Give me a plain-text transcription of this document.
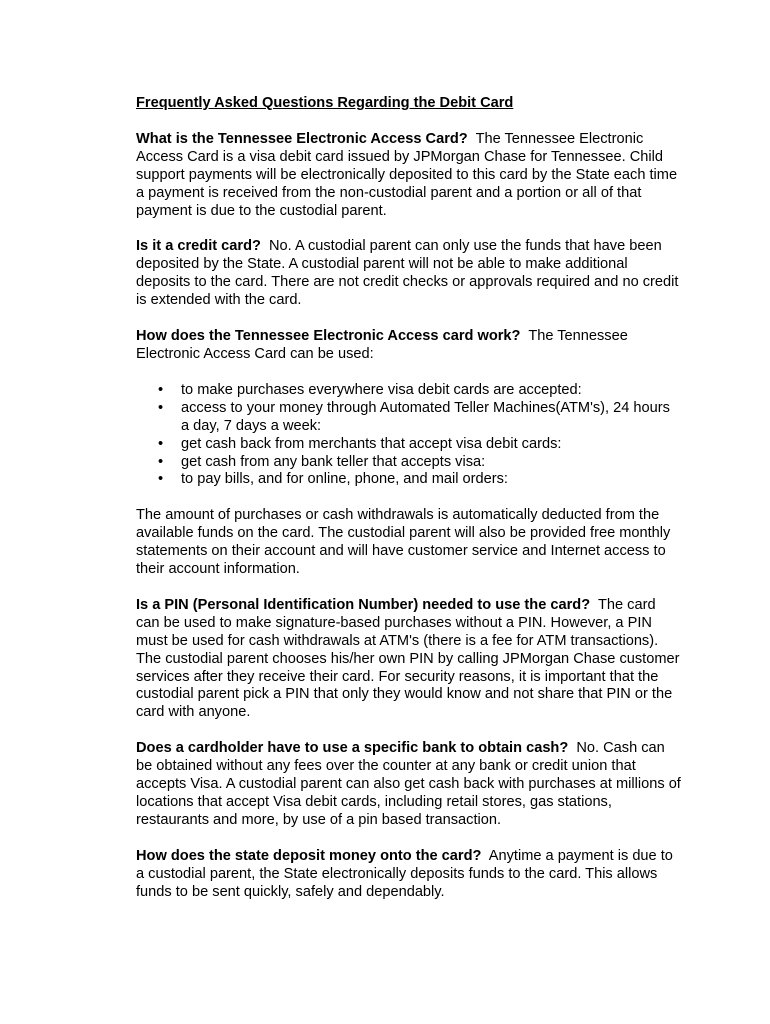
Frequently Asked Questions Regarding the Debit Card

What is the Tennessee Electronic Access Card? The Tennessee Electronic Access Card is a visa debit card issued by JPMorgan Chase for Tennessee. Child support payments will be electronically deposited to this card by the State each time a payment is received from the non-custodial parent and a portion or all of that payment is due to the custodial parent.

Is it a credit card? No. A custodial parent can only use the funds that have been deposited by the State. A custodial parent will not be able to make additional deposits to the card. There are not credit checks or approvals required and no credit is extended with the card.

How does the Tennessee Electronic Access card work? The Tennessee Electronic Access Card can be used:

• to make purchases everywhere visa debit cards are accepted:
• access to your money through Automated Teller Machines(ATM's), 24 hours a day, 7 days a week:
• get cash back from merchants that accept visa debit cards:
• get cash from any bank teller that accepts visa:
• to pay bills, and for online, phone, and mail orders:

The amount of purchases or cash withdrawals is automatically deducted from the available funds on the card. The custodial parent will also be provided free monthly statements on their account and will have customer service and Internet access to their account information.

Is a PIN (Personal Identification Number) needed to use the card? The card can be used to make signature-based purchases without a PIN. However, a PIN must be used for cash withdrawals at ATM's (there is a fee for ATM transactions). The custodial parent chooses his/her own PIN by calling JPMorgan Chase customer services after they receive their card. For security reasons, it is important that the custodial parent pick a PIN that only they would know and not share that PIN or the card with anyone.

Does a cardholder have to use a specific bank to obtain cash? No. Cash can be obtained without any fees over the counter at any bank or credit union that accepts Visa. A custodial parent can also get cash back with purchases at millions of locations that accept Visa debit cards, including retail stores, gas stations, restaurants and more, by use of a pin based transaction.

How does the state deposit money onto the card? Anytime a payment is due to a custodial parent, the State electronically deposits funds to the card. This allows funds to be sent quickly, safely and dependably.
